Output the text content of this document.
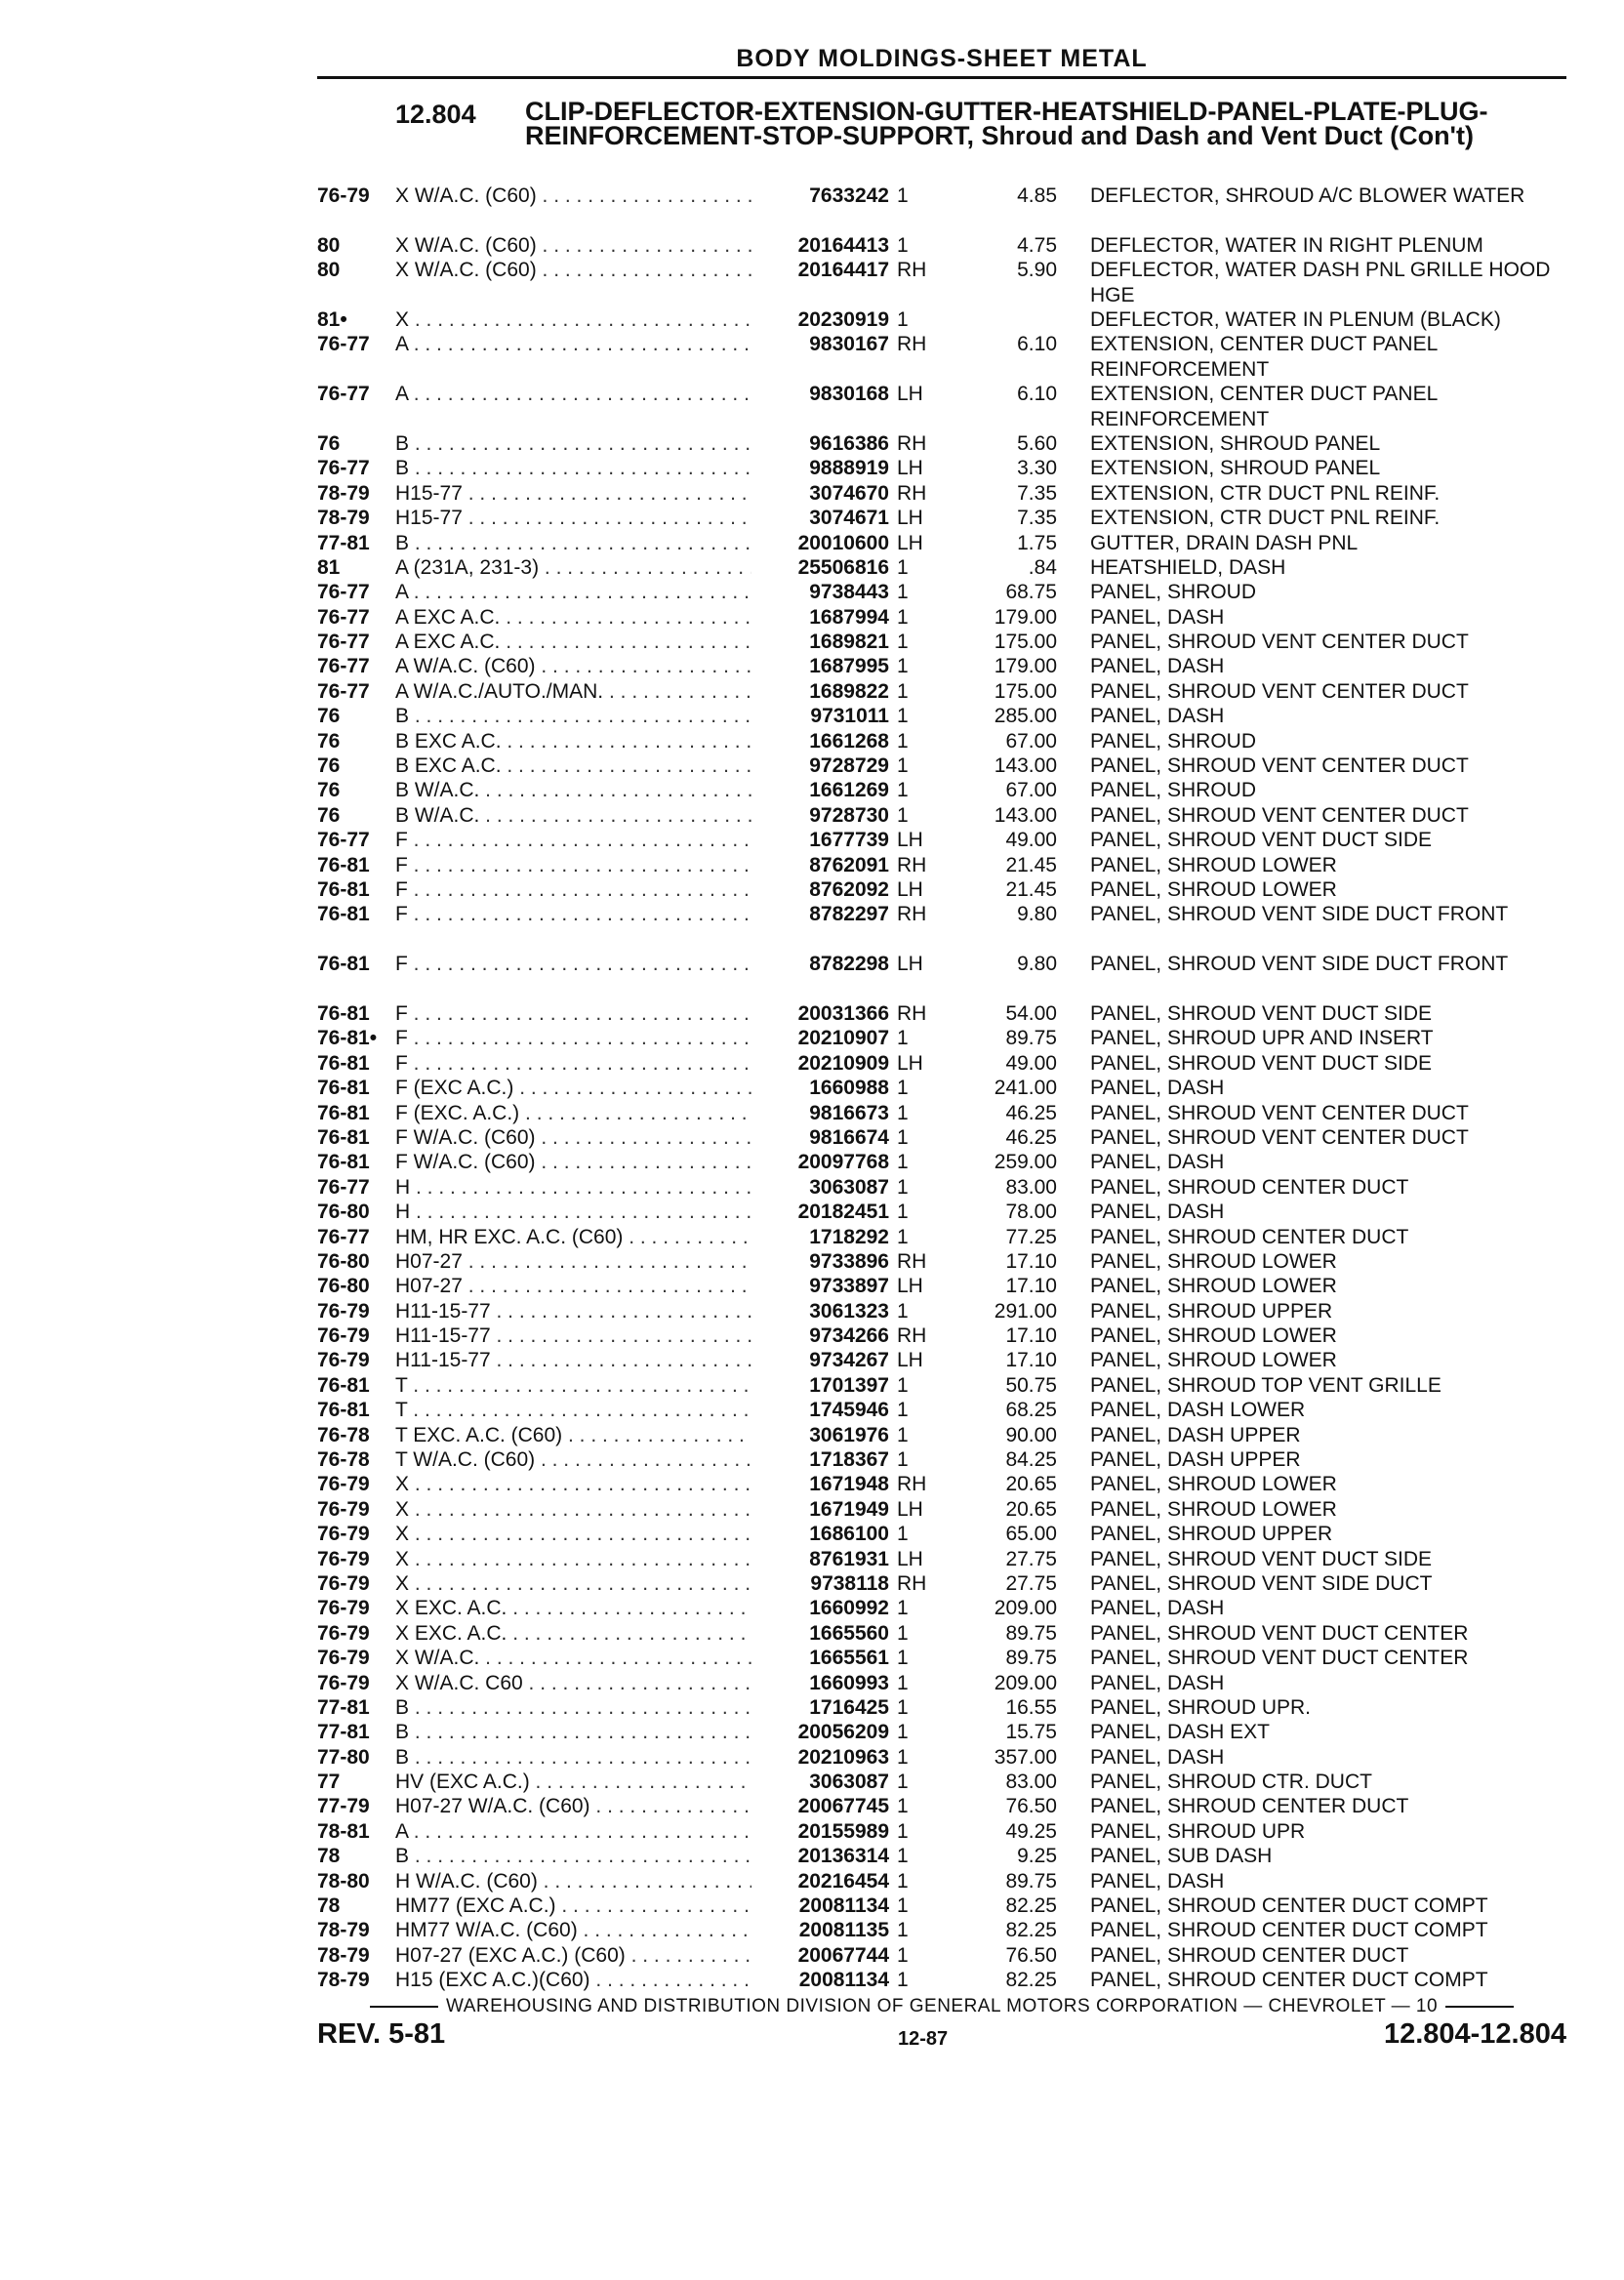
BODY MOLDINGS-SHEET METAL
12.804 CLIP-DEFLECTOR-EXTENSION-GUTTER-HEATSHIELD-PANEL-PLATE-PLUG-REINFORCEMENT-STOP-SUPPORT, Shroud and Dash and Vent Duct (Con't)
76-79 X W/A.C. (C60) . . .	7633242 1	4.85 DEFLECTOR, SHROUD A/C BLOWER WATER
80	X W/A.C. (C60) . . .	20164413 1	4.75 DEFLECTOR, WATER IN RIGHT PLENUM
80	X W/A.C. (C60) . . .	20164417 RH	5.90 DEFLECTOR, WATER DASH PNL GRILLE HOOD HGE
81• X . . .	20230919 1	DEFLECTOR, WATER IN PLENUM (BLACK)
76-77 A . . .	9830167 RH	6.10 EXTENSION, CENTER DUCT PANEL REINFORCEMENT
76-77 A . . .	9830168 LH	6.10 EXTENSION, CENTER DUCT PANEL REINFORCEMENT
76	B . . .	9616386 RH	5.60 EXTENSION, SHROUD PANEL
76-77 B . . .	9888919 LH	3.30 EXTENSION, SHROUD PANEL
78-79 H15-77 . . .	3074670 RH	7.35 EXTENSION, CTR DUCT PNL REINF.
78-79 H15-77 . . .	3074671 LH	7.35 EXTENSION, CTR DUCT PNL REINF.
77-81 B . . .	20010600 LH	1.75 GUTTER, DRAIN DASH PNL
81	A (231A, 231-3) . . .	25506816 1	.84 HEATSHIELD, DASH
76-77 A . . .	9738443 1	68.75 PANEL, SHROUD
76-77 A EXC A.C. . . .	1687994 1	179.00 PANEL, DASH
76-77 A EXC A.C. . . .	1689821 1	175.00 PANEL, SHROUD VENT CENTER DUCT
76-77 A W/A.C. (C60) . . .	1687995 1	179.00 PANEL, DASH
76-77 A W/A.C./AUTO./MAN. . . .	1689822 1	175.00 PANEL, SHROUD VENT CENTER DUCT
76	B . . .	9731011 1	285.00 PANEL, DASH
76	B EXC A.C. . . .	1661268 1	67.00 PANEL, SHROUD
76	B EXC A.C. . . .	9728729 1	143.00 PANEL, SHROUD VENT CENTER DUCT
76	B W/A.C. . . .	1661269 1	67.00 PANEL, SHROUD
76	B W/A.C. . . .	9728730 1	143.00 PANEL, SHROUD VENT CENTER DUCT
76-77 F . . .	1677739 LH	49.00 PANEL, SHROUD VENT DUCT SIDE
76-81 F . . .	8762091 RH	21.45 PANEL, SHROUD LOWER
76-81 F . . .	8762092 LH	21.45 PANEL, SHROUD LOWER
76-81 F . . .	8782297 RH	9.80 PANEL, SHROUD VENT SIDE DUCT FRONT
76-81 F . . .	8782298 LH	9.80 PANEL, SHROUD VENT SIDE DUCT FRONT
76-81 F . . .	20031366 RH	54.00 PANEL, SHROUD VENT DUCT SIDE
76-81• F . . .	20210907 1	89.75 PANEL, SHROUD UPR AND INSERT
76-81 F . . .	20210909 LH	49.00 PANEL, SHROUD VENT DUCT SIDE
76-81 F (EXC A.C.) . . .	1660988 1	241.00 PANEL, DASH
76-81 F (EXC. A.C.) . . .	9816673 1	46.25 PANEL, SHROUD VENT CENTER DUCT
76-81 F W/A.C. (C60) . . .	9816674 1	46.25 PANEL, SHROUD VENT CENTER DUCT
76-81 F W/A.C. (C60) . . .	20097768 1	259.00 PANEL, DASH
76-77 H . . .	3063087 1	83.00 PANEL, SHROUD CENTER DUCT
76-80 H . . .	20182451 1	78.00 PANEL, DASH
76-77 HM, HR EXC. A.C. (C60) . . .	1718292 1	77.25 PANEL, SHROUD CENTER DUCT
76-80 H07-27 . . .	9733896 RH	17.10 PANEL, SHROUD LOWER
76-80 H07-27 . . .	9733897 LH	17.10 PANEL, SHROUD LOWER
76-79 H11-15-77 . . .	3061323 1	291.00 PANEL, SHROUD UPPER
76-79 H11-15-77 . . .	9734266 RH	17.10 PANEL, SHROUD LOWER
76-79 H11-15-77 . . .	9734267 LH	17.10 PANEL, SHROUD LOWER
76-81 T . . .	1701397 1	50.75 PANEL, SHROUD TOP VENT GRILLE
76-81 T . . .	1745946 1	68.25 PANEL, DASH LOWER
76-78 T EXC. A.C. (C60) . . .	3061976 1	90.00 PANEL, DASH UPPER
76-78 T W/A.C. (C60) . . .	1718367 1	84.25 PANEL, DASH UPPER
76-79 X . . .	1671948 RH	20.65 PANEL, SHROUD LOWER
76-79 X . . .	1671949 LH	20.65 PANEL, SHROUD LOWER
76-79 X . . .	1686100 1	65.00 PANEL, SHROUD UPPER
76-79 X . . .	8761931 LH	27.75 PANEL, SHROUD VENT DUCT SIDE
76-79 X . . .	9738118 RH	27.75 PANEL, SHROUD VENT SIDE DUCT
76-79 X EXC. A.C. . . .	1660992 1	209.00 PANEL, DASH
76-79 X EXC. A.C. . . .	1665560 1	89.75 PANEL, SHROUD VENT DUCT CENTER
76-79 X W/A.C. . . .	1665561 1	89.75 PANEL, SHROUD VENT DUCT CENTER
76-79 X W/A.C. C60 . . .	1660993 1	209.00 PANEL, DASH
77-81 B . . .	1716425 1	16.55 PANEL, SHROUD UPR.
77-81 B . . .	20056209 1	15.75 PANEL, DASH EXT
77-80 B . . .	20210963 1	357.00 PANEL, DASH
77	HV (EXC A.C.) . . .	3063087 1	83.00 PANEL, SHROUD CTR. DUCT
77-79 H07-27 W/A.C. (C60) . . .	20067745 1	76.50 PANEL, SHROUD CENTER DUCT
78-81 A . . .	20155989 1	49.25 PANEL, SHROUD UPR
78	B . . .	20136314 1	9.25 PANEL, SUB DASH
78-80 H W/A.C. (C60) . . .	20216454 1	89.75 PANEL, DASH
78	HM77 (EXC A.C.) . . .	20081134 1	82.25 PANEL, SHROUD CENTER DUCT COMPT
78-79 HM77 W/A.C. (C60) . . .	20081135 1	82.25 PANEL, SHROUD CENTER DUCT COMPT
78-79 H07-27 (EXC A.C.) (C60) . . .	20067744 1	76.50 PANEL, SHROUD CENTER DUCT
78-79 H15 (EXC A.C.)(C60) . . .	20081134 1	82.25 PANEL, SHROUD CENTER DUCT COMPT
WAREHOUSING AND DISTRIBUTION DIVISION OF GENERAL MOTORS CORPORATION — CHEVROLET — 10
REV. 5-81	12-87	12.804-12.804
